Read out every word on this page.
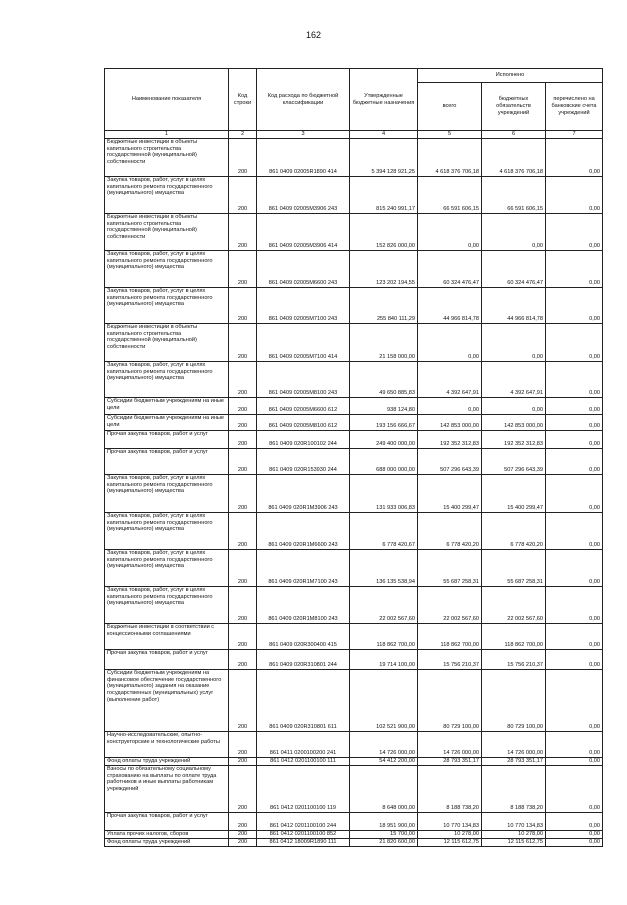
162
Наименование показателя	Код строки	Код расхода по бюджетной классификации	Утвержденные бюджетные назначения	Исполнено		
				всего	бюджетных обязательств учреждений	перечислено на банковские счета учреждений
1	2	3	4	5	6	7
Бюджетные инвестиции в объекты капитального строительства государственной (муниципальной) собственности	200	861 0409 02005R1890 414	5 394 128 921,25	4 618 376 706,18	4 618 376 706,18	0,00
Закупка товаров, работ, услуг в целях капитального ремонта государственного (муниципального) имущества	200	861 0409 02005M3906 243	815 240 991,17	66 591 606,15	66 591 606,15	0,00
Бюджетные инвестиции в объекты капитального строительства государственной (муниципальной) собственности	200	861 0409 02005M3906 414	152 826 000,00	0,00	0,00	0,00
Закупка товаров, работ, услуг в целях капитального ремонта государственного (муниципального) имущества	200	861 0409 02005M6600 243	123 202 194,55	60 324 476,47	60 324 476,47	0,00
Закупка товаров, работ, услуг в целях капитального ремонта государственного (муниципального) имущества	200	861 0409 02005M7100 243	255 840 111,29	44 966 814,78	44 966 814,78	0,00
Бюджетные инвестиции в объекты капитального строительства государственной (муниципальной) собственности	200	861 0409 02005M7100 414	21 158 000,00	0,00	0,00	0,00
Закупка товаров, работ, услуг в целях капитального ремонта государственного (муниципального) имущества	200	861 0409 02005M8100 243	49 650 885,83	4 392 647,91	4 392 647,91	0,00
Субсидии бюджетным учреждениям на иные цели	200	861 0409 02005M6600 612	938 124,80	0,00	0,00	0,00
Субсидии бюджетным учреждениям на иные цели	200	861 0409 02005M8100 612	193 156 666,67	142 853 000,00	142 853 000,00	0,00
Прочая закупка товаров, работ и услуг	200	861 0409 020R100102 244	249 400 000,00	192 352 312,83	192 352 312,83	0,00
Прочая закупка товаров, работ и услуг	200	861 0409 020R153930 244	688 000 000,00	507 296 643,39	507 296 643,39	0,00
Закупка товаров, работ, услуг в целях капитального ремонта государственного (муниципального) имущества	200	861 0409 020R1M3906 243	131 933 006,83	15 400 299,47	15 400 299,47	0,00
Закупка товаров, работ, услуг в целях капитального ремонта государственного (муниципального) имущества	200	861 0409 020R1M6600 243	6 778 420,67	6 778 420,20	6 778 420,20	0,00
Закупка товаров, работ, услуг в целях капитального ремонта государственного (муниципального) имущества	200	861 0409 020R1M7100 243	136 135 538,94	55 687 258,31	55 687 258,31	0,00
Закупка товаров, работ, услуг в целях капитального ремонта государственного (муниципального) имущества	200	861 0409 020R1M8100 243	22 002 567,60	22 002 567,60	22 002 567,60	0,00
Бюджетные инвестиции в соответствии с концессионными соглашениями	200	861 0409 020R300400 415	118 862 700,00	118 862 700,00	118 862 700,00	0,00
Прочая закупка товаров, работ и услуг	200	861 0409 020R310801 244	19 714 100,00	15 756 210,37	15 756 210,37	0,00
Субсидии бюджетным учреждениям на финансовое обеспечение государственного (муниципального) задания на оказание государственных (муниципальных) услуг (выполнение работ)	200	861 0409 020R310801 611	102 521 900,00	80 729 100,00	80 729 100,00	0,00
Научно-исследовательские, опытно-конструкторские и технологические работы	200	861 0411 0200100200 241	14 726 000,00	14 726 000,00	14 726 000,00	0,00
Фонд оплаты труда учреждений	200	861 0412 0201100100 111	54 412 200,00	28 793 351,17	28 793 351,17	0,00
Взносы по обязательному социальному страхованию на выплаты по оплате труда работников и иные выплаты работникам учреждений	200	861 0412 0201100100 119	8 648 000,00	8 188 738,20	8 188 738,20	0,00
Прочая закупка товаров, работ и услуг	200	861 0412 0201100100 244	18 951 900,00	10 770 134,83	10 770 134,83	0,00
Уплата прочих налогов, сборов	200	861 0412 0201100100 852	15 700,00	10 278,00	10 278,00	0,00
Фонд оплаты труда учреждений	200	861 0412 18009R1890 111	21 820 600,00	12 115 612,75	12 115 612,75	0,00
